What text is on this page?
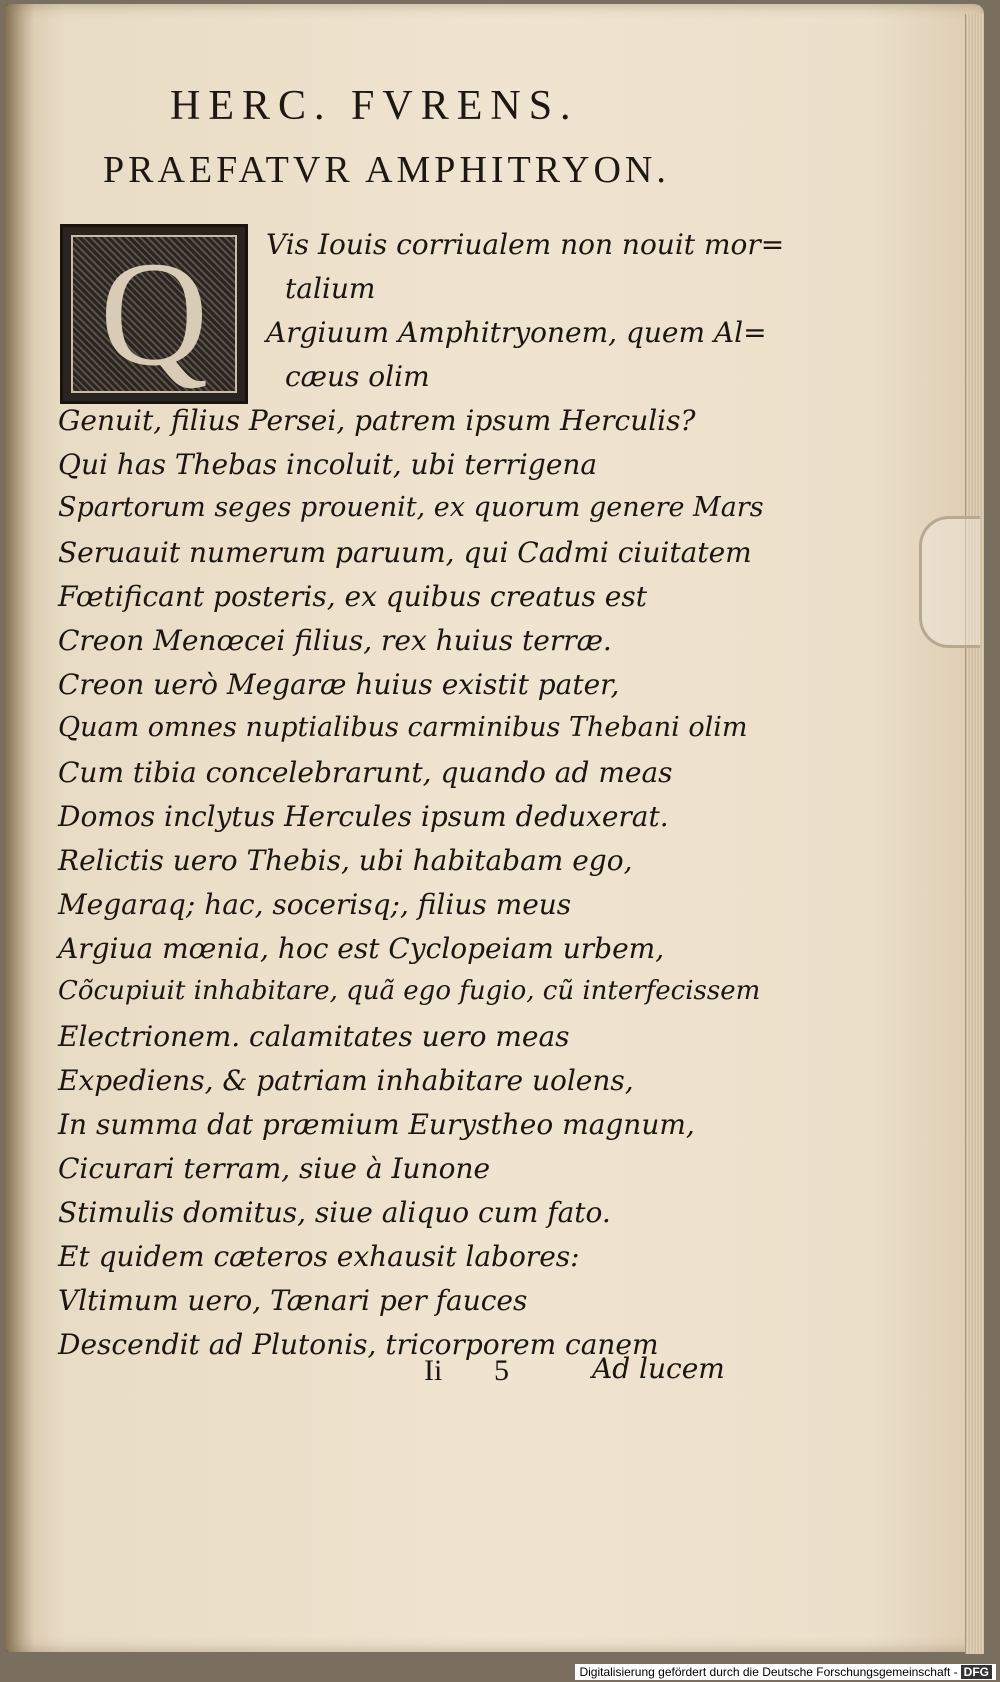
HERC. FVRENS.
PRAEFATVR AMPHITRYON.
Q	Vis Iouis corriualem non nouit mor=
talium
Argiuum Amphitryonem, quem Al=
cæus olim
Genuit, filius Persei, patrem ipsum Herculis?
Qui has Thebas incoluit, ubi terrigena
Spartorum seges prouenit, ex quorum genere Mars
Seruauit numerum paruum, qui Cadmi ciuitatem
Fœtificant posteris, ex quibus creatus est
Creon Menœcei filius, rex huius terræ.
Creon uerò Megaræ huius existit pater,
Quam omnes nuptialibus carminibus Thebani olim
Cum tibia concelebrarunt, quando ad meas
Domos inclytus Hercules ipsum deduxerat.
Relictis uero Thebis, ubi habitabam ego,
Megaraq; hac, socerisq;, filius meus
Argiua mœnia, hoc est Cyclopeiam urbem,
Cõcupiuit inhabitare, quã ego fugio, cũ interfecissem
Electrionem. calamitates uero meas
Expediens, & patriam inhabitare uolens,
In summa dat præmium Eurystheo magnum,
Cicurari terram, siue à Iunone
Stimulis domitus, siue aliquo cum fato.
Et quidem cæteros exhausit labores:
Vltimum uero, Tænari per fauces
Descendit ad Plutonis, tricorporem canem
Ii 5	Ad lucem
Digitalisierung gefördert durch die Deutsche Forschungsgemeinschaft - DFG
